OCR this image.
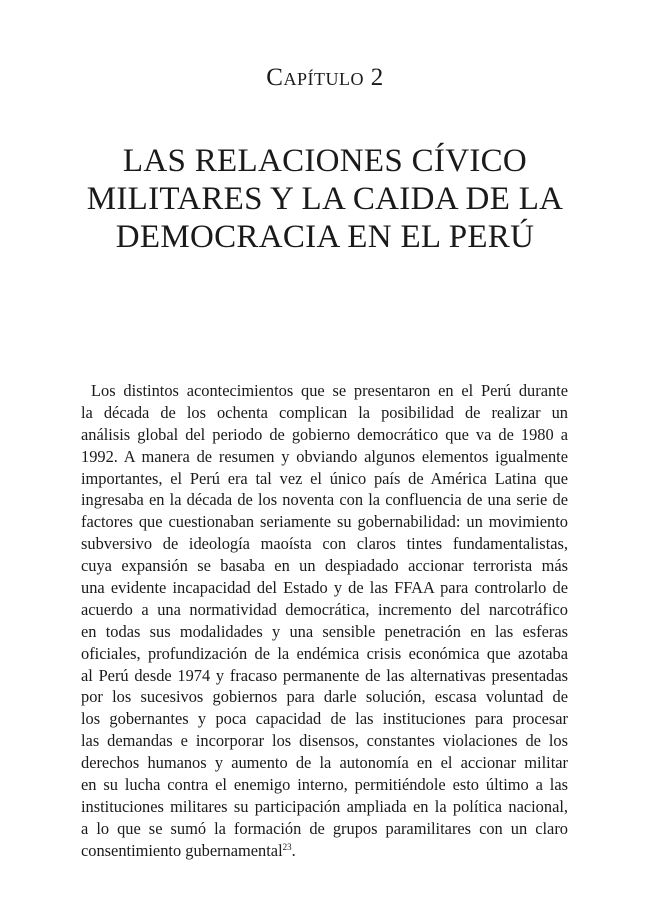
Capítulo 2
LAS RELACIONES CÍVICO
MILITARES Y LA CAIDA DE LA
DEMOCRACIA EN EL PERÚ
Los distintos acontecimientos que se presentaron en el Perú durante
la década de los ochenta complican la posibilidad de realizar un
análisis global del periodo de gobierno democrático que va de 1980 a
1992. A manera de resumen y obviando algunos elementos igualmente
importantes, el Perú era tal vez el único país de América Latina que
ingresaba en la década de los noventa con la confluencia de una serie de
factores que cuestionaban seriamente su gobernabilidad: un movimiento
subversivo de ideología maoísta con claros tintes fundamentalistas,
cuya expansión se basaba en un despiadado accionar terrorista más
una evidente incapacidad del Estado y de las FFAA para controlarlo de
acuerdo a una normatividad democrática, incremento del narcotráfico
en todas sus modalidades y una sensible penetración en las esferas
oficiales, profundización de la endémica crisis económica que azotaba
al Perú desde 1974 y fracaso permanente de las alternativas presentadas
por los sucesivos gobiernos para darle solución, escasa voluntad de
los gobernantes y poca capacidad de las instituciones para procesar
las demandas e incorporar los disensos, constantes violaciones de los
derechos humanos y aumento de la autonomía en el accionar militar
en su lucha contra el enemigo interno, permitiéndole esto último a las
instituciones militares su participación ampliada en la política nacional,
a lo que se sumó la formación de grupos paramilitares con un claro
consentimiento gubernamental$^{23}$.
